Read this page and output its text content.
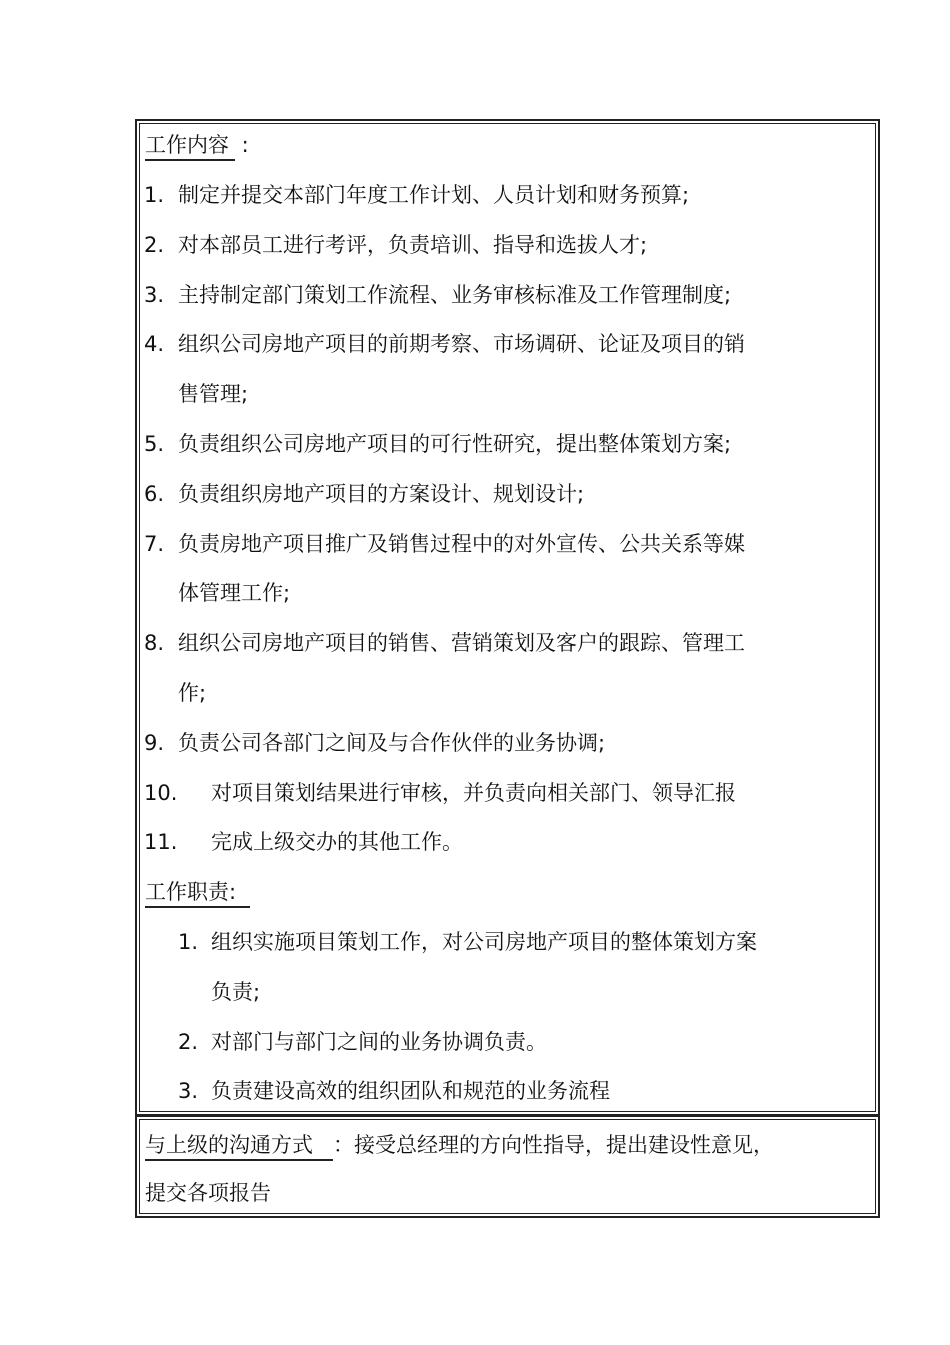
工作内容 :
1. 制定并提交本部门年度工作计划、人员计划和财务预算;
2. 对本部员工进行考评，负责培训、指导和选拔人才;
3. 主持制定部门策划工作流程、业务审核标准及工作管理制度;
4. 组织公司房地产项目的前期考察、市场调研、论证及项目的销
售管理;
5. 负责组织公司房地产项目的可行性研究，提出整体策划方案;
6. 负责组织房地产项目的方案设计、规划设计;
7. 负责房地产项目推广及销售过程中的对外宣传、公共关系等媒
体管理工作;
8. 组织公司房地产项目的销售、营销策划及客户的跟踪、管理工
作;
9. 负责公司各部门之间及与合作伙伴的业务协调;
10. 对项目策划结果进行审核，并负责向相关部门、领导汇报
11. 完成上级交办的其他工作。
工作职责:
1. 组织实施项目策划工作，对公司房地产项目的整体策划方案
负责;
2. 对部门与部门之间的业务协调负责。
3. 负责建设高效的组织团队和规范的业务流程
与上级的沟通方式 ：接受总经理的方向性指导，提出建设性意见，
提交各项报告
